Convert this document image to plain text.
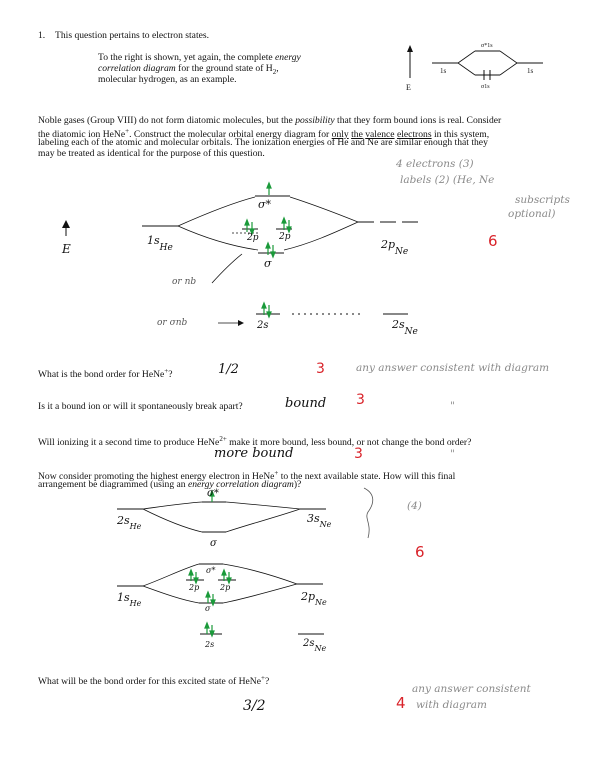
1. This question pertains to electron states.
To the right is shown, yet again, the complete energy
correlation diagram for the ground state of $H_2$,
molecular hydrogen, as an example.
E
1s	1s
σ*1s
σ1s
Noble gases (Group VIII) do not form diatomic molecules, but the possibility that they form bound ions is real. Consider
the diatomic ion HeNe+. Construct the molecular orbital energy diagram for only the valence electrons in this system,
labeling each of the atomic and molecular orbitals. The ionization energies of He and Ne are similar enough that they
may be treated as identical for the purpose of this question.
E
$1s_{He}$	$2p_{Ne}$
σ*
2p 2p
σ
or nb
or σnb	2s	$2s_{Ne}$
4 electrons (3)
labels (2) (He, Ne
subscripts
optional)
6
What is the bond order for HeNe+?	1/2	3	any answer consistent with diagram
Is it a bound ion or will it spontaneously break apart?	bound 3	"
Will ionizing it a second time to produce HeNe$^{2+}$ make it more bound, less bound, or not change the bond order?
more bound	3	"
Now consider promoting the highest energy electron in HeNe+ to the next available state. How will this final
arrangement be diagrammed (using an energy correlation diagram)?
$2s_{He}$
$3s_{Ne}$
σ*
σ
(4)
6
σ*
2p	2p
σ
$1s_{He}$
$2p_{Ne}$
2s	$2s_{Ne}$
What will be the bond order for this excited state of HeNe+?
3/2	4
any answer consistent
with diagram
